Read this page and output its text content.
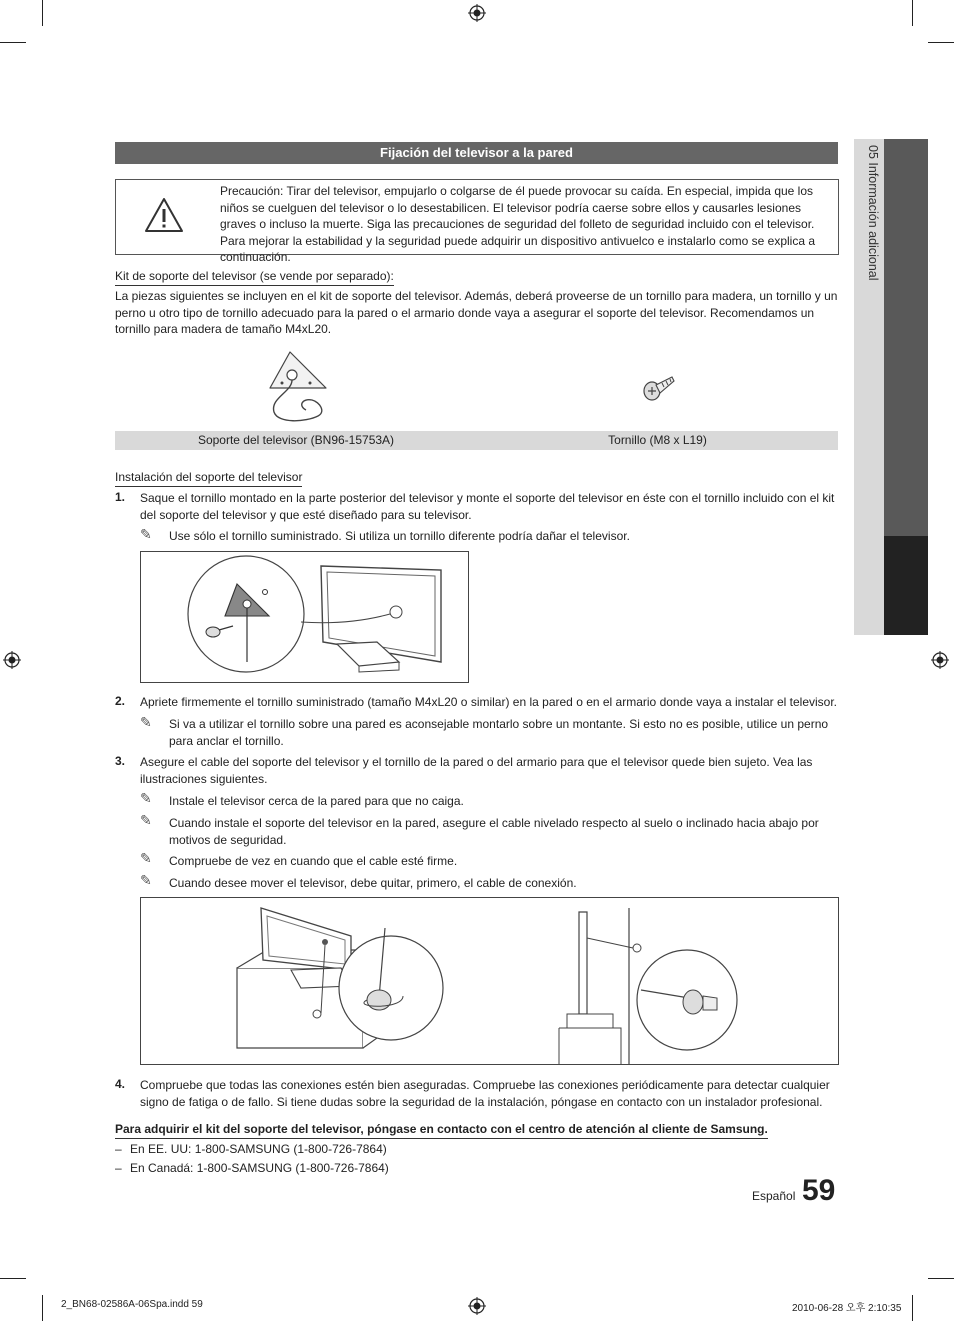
05 Información adicional
Fijación del televisor a la pared
Precaución: Tirar del televisor, empujarlo o colgarse de él puede provocar su caída. En especial, impida que los niños se cuelguen del televisor o lo desestabilicen. El televisor podría caerse sobre ellos y causarles lesiones graves o incluso la muerte. Siga las precauciones de seguridad del folleto de seguridad incluido con el televisor. Para mejorar la estabilidad y la seguridad puede adquirir un dispositivo antivuelco e instalarlo como se explica a continuación.
Kit de soporte del televisor (se vende por separado):
La piezas siguientes se incluyen en el kit de soporte del televisor. Además, deberá proveerse de un tornillo para madera, un tornillo y un perno u otro tipo de tornillo adecuado para la pared o el armario donde vaya a asegurar el soporte del televisor. Recomendamos un tornillo para madera de tamaño M4xL20.
Soporte del televisor (BN96-15753A)	Tornillo (M8 x L19)
Instalación del soporte del televisor
1. Saque el tornillo montado en la parte posterior del televisor y monte el soporte del televisor en éste con el tornillo incluido con el kit del soporte del televisor y que esté diseñado para su televisor.
✎ Use sólo el tornillo suministrado. Si utiliza un tornillo diferente podría dañar el televisor.
2. Apriete firmemente el tornillo suministrado (tamaño M4xL20 o similar) en la pared o en el armario donde vaya a instalar el televisor.
✎ Si va a utilizar el tornillo sobre una pared es aconsejable montarlo sobre un montante. Si esto no es posible, utilice un perno para anclar el tornillo.
3. Asegure el cable del soporte del televisor y el tornillo de la pared o del armario para que el televisor quede bien sujeto. Vea las ilustraciones siguientes.
✎ Instale el televisor cerca de la pared para que no caiga.
✎ Cuando instale el soporte del televisor en la pared, asegure el cable nivelado respecto al suelo o inclinado hacia abajo por motivos de seguridad.
✎ Compruebe de vez en cuando que el cable esté firme.
✎ Cuando desee mover el televisor, debe quitar, primero, el cable de conexión.
4. Compruebe que todas las conexiones estén bien aseguradas. Compruebe las conexiones periódicamente para detectar cualquier signo de fatiga o de fallo. Si tiene dudas sobre la seguridad de la instalación, póngase en contacto con un instalador profesional.
Para adquirir el kit del soporte del televisor, póngase en contacto con el centro de atención al cliente de Samsung.
– En EE. UU: 1-800-SAMSUNG (1-800-726-7864)
– En Canadá: 1-800-SAMSUNG (1-800-726-7864)
Español 59
2_BN68-02586A-06Spa.indd 59	2010-06-28 오후 2:10:35
